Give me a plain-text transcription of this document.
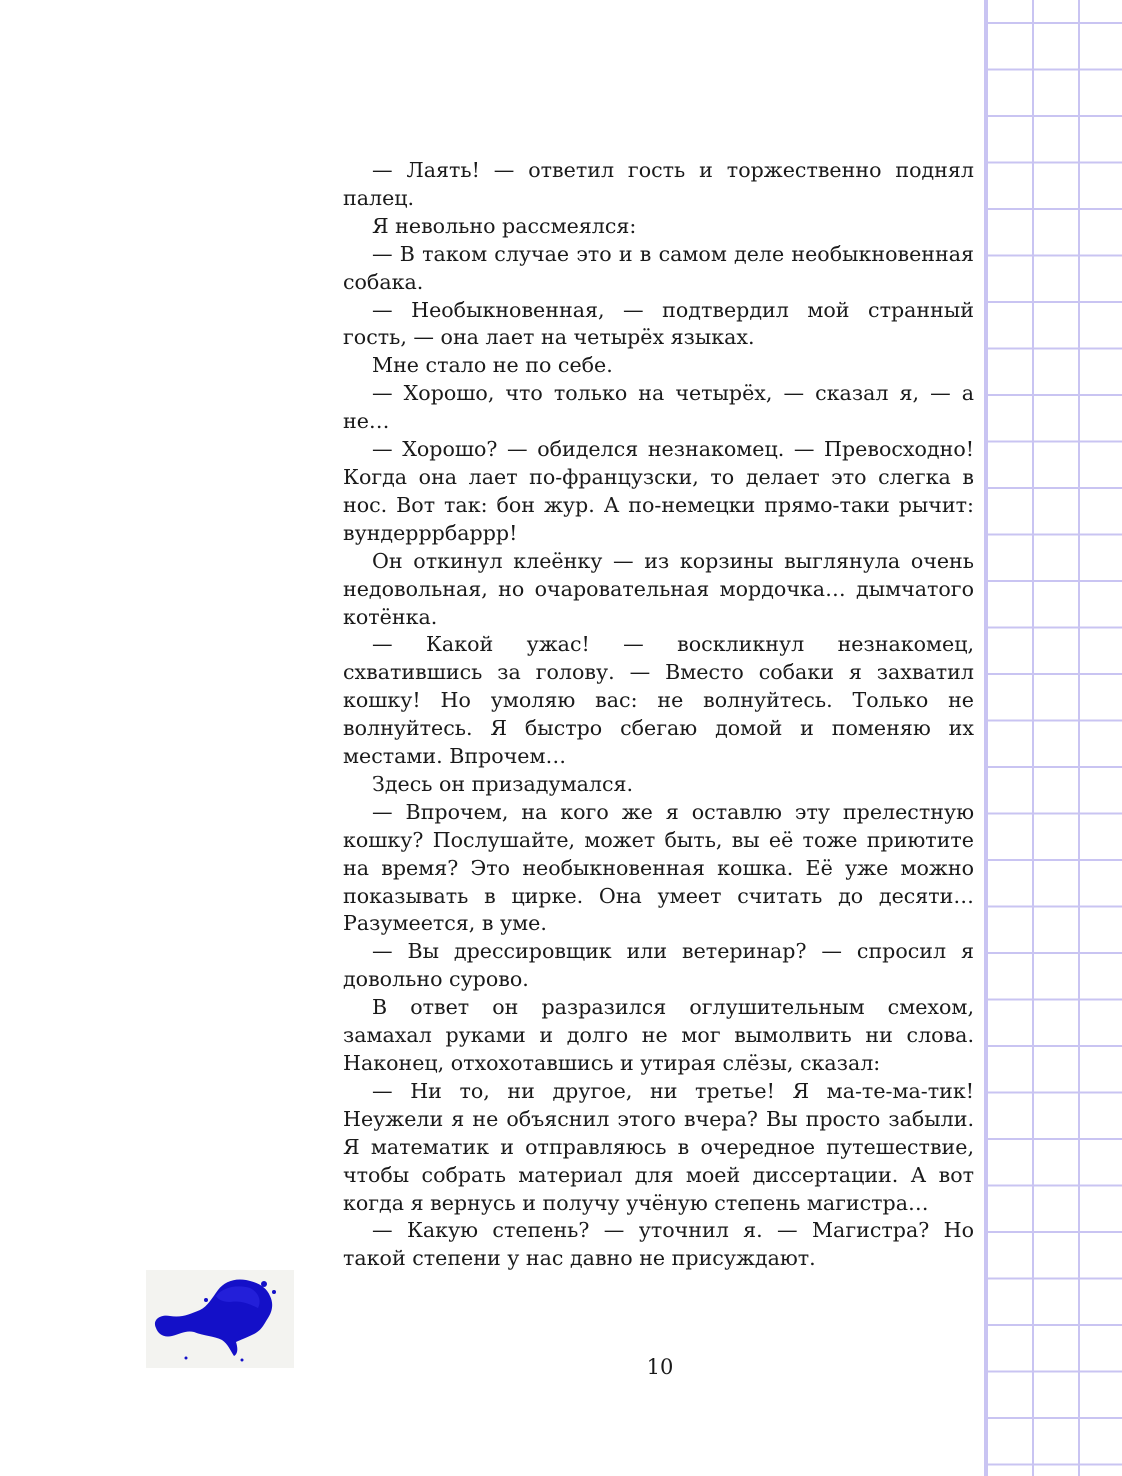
— Лаять! — ответил гость и торжественно поднял палец.

Я невольно рассмеялся:

— В таком случае это и в самом деле необыкновенная собака.

— Необыкновенная, — подтвердил мой странный гость, — она лает на четырёх языках.

Мне стало не по себе.

— Хорошо, что только на четырёх, — сказал я, — а не…

— Хорошо? — обиделся незнакомец. — Превосходно! Когда она лает по-французски, то делает это слегка в нос. Вот так: бон жур. А по-немецки прямо-таки рычит: вундерррбаррр!

Он откинул клеёнку — из корзины выглянула очень недовольная, но очаровательная мордочка… дымчатого котёнка.

— Какой ужас! — воскликнул незнакомец, схватившись за голову. — Вместо собаки я захватил кошку! Но умоляю вас: не волнуйтесь. Только не волнуйтесь. Я быстро сбегаю домой и поменяю их местами. Впрочем…

Здесь он призадумался.

— Впрочем, на кого же я оставлю эту прелестную кошку? Послушайте, может быть, вы её тоже приютите на время? Это необыкновенная кошка. Её уже можно показывать в цирке. Она умеет считать до десяти… Разумеется, в уме.

— Вы дрессировщик или ветеринар? — спросил я довольно сурово.

В ответ он разразился оглушительным смехом, замахал руками и долго не мог вымолвить ни слова. Наконец, отхохотавшись и утирая слёзы, сказал:

— Ни то, ни другое, ни третье! Я ма-те-ма-тик! Неужели я не объяснил этого вчера? Вы просто забыли. Я математик и отправляюсь в очередное путешествие, чтобы собрать материал для моей диссертации. А вот когда я вернусь и получу учёную степень магистра…

— Какую степень? — уточнил я. — Магистра? Но такой степени у нас давно не присуждают.

10
